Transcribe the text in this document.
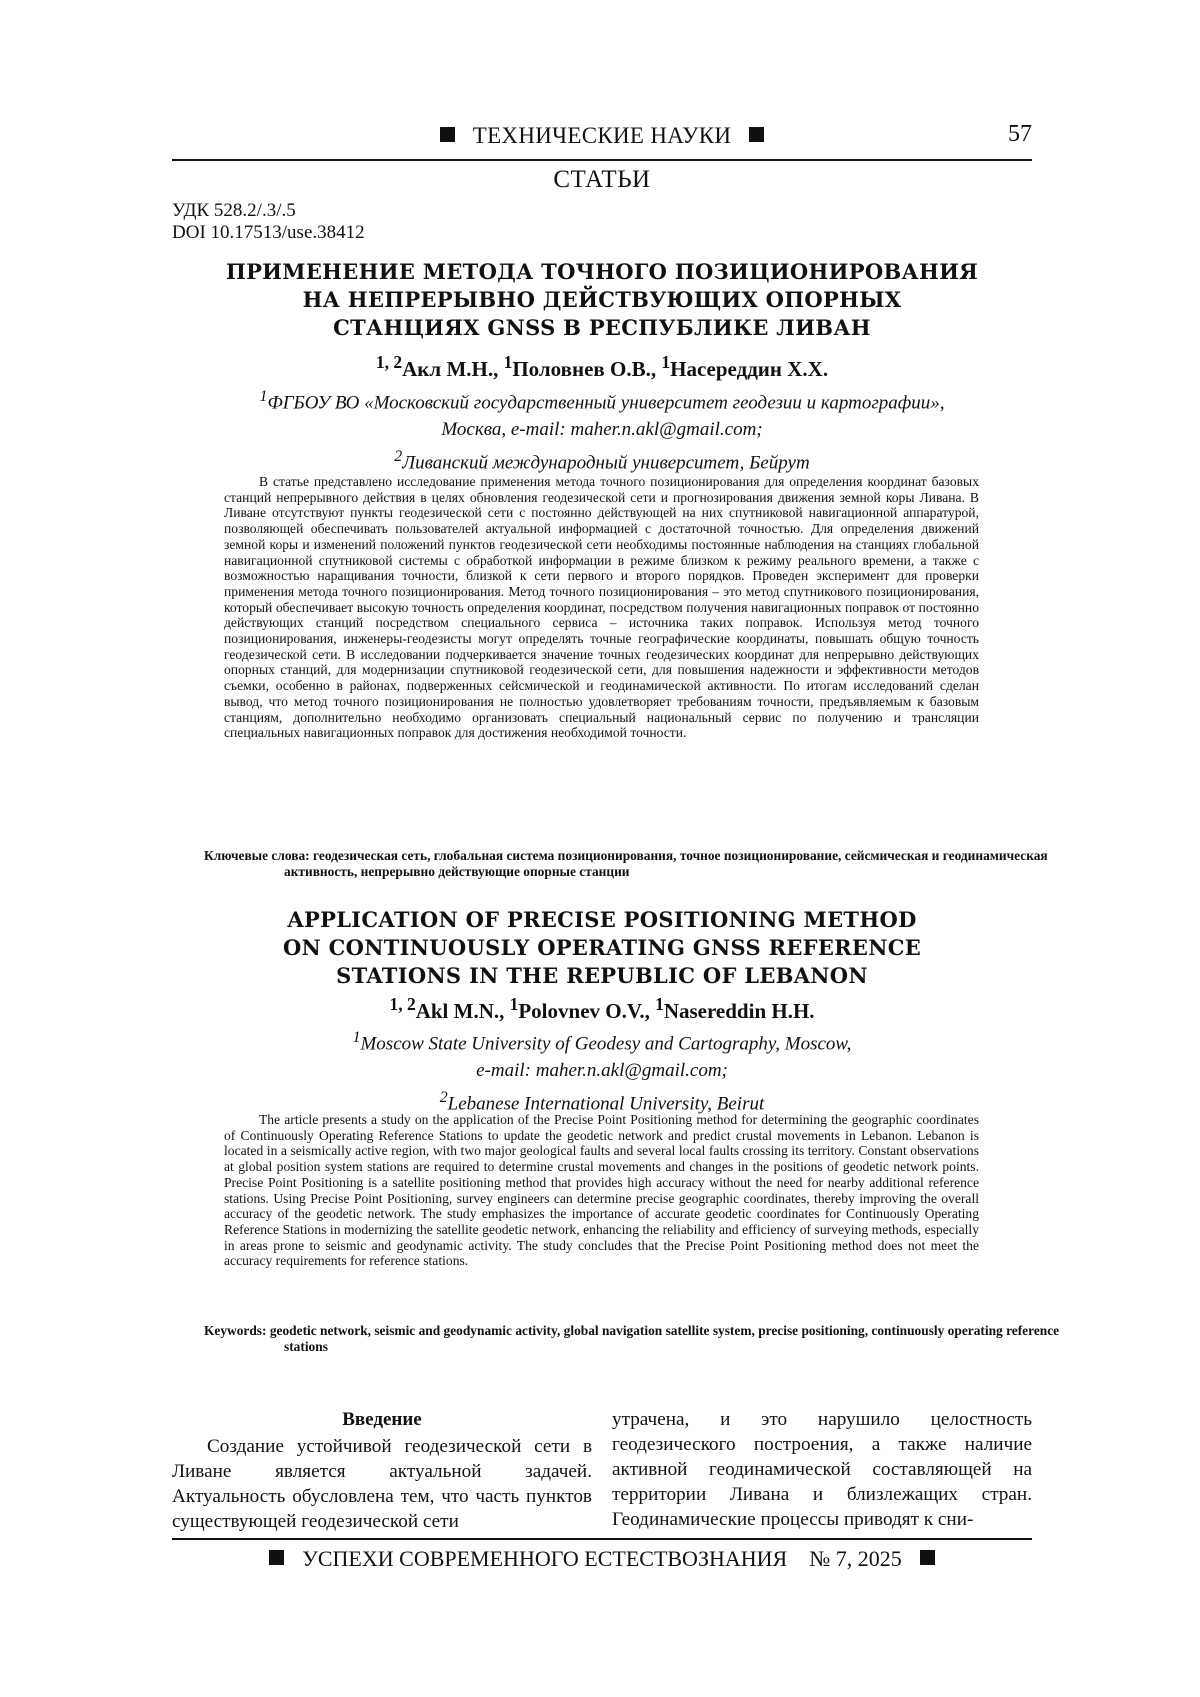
ТЕХНИЧЕСКИЕ НАУКИ	57
СТАТЬИ
УДК 528.2/.3/.5
DOI 10.17513/use.38412
ПРИМЕНЕНИЕ МЕТОДА ТОЧНОГО ПОЗИЦИОНИРОВАНИЯ
НА НЕПРЕРЫВНО ДЕЙСТВУЮЩИХ ОПОРНЫХ
СТАНЦИЯХ GNSS В РЕСПУБЛИКЕ ЛИВАН
1, 2Акл М.Н., 1Половнев О.В., 1Насереддин Х.Х.
1ФГБОУ ВО «Московский государственный университет геодезии и картографии»,
Москва, e-mail: maher.n.akl@gmail.com;
2Ливанский международный университет, Бейрут
В статье представлено исследование применения метода точного позиционирования для определения координат базовых станций непрерывного действия в целях обновления геодезической сети и прогнозирования движения земной коры Ливана. В Ливане отсутствуют пункты геодезической сети с постоянно действующей на них спутниковой навигационной аппаратурой, позволяющей обеспечивать пользователей актуальной информацией с достаточной точностью. Для определения движений земной коры и изменений положений пунктов геодезической сети необходимы постоянные наблюдения на станциях глобальной навигационной спутниковой системы с обработкой информации в режиме близком к режиму реального времени, а также с возможностью наращивания точности, близкой к сети первого и второго порядков. Проведен эксперимент для проверки применения метода точного позиционирования. Метод точного позиционирования – это метод спутникового позиционирования, который обеспечивает высокую точность определения координат, посредством получения навигационных поправок от постоянно действующих станций посредством специального сервиса – источника таких поправок. Используя метод точного позиционирования, инженеры-геодезисты могут определять точные географические координаты, повышать общую точность геодезической сети. В исследовании подчеркивается значение точных геодезических координат для непрерывно действующих опорных станций, для модернизации спутниковой геодезической сети, для повышения надежности и эффективности методов съемки, особенно в районах, подверженных сейсмической и геодинамической активности. По итогам исследований сделан вывод, что метод точного позиционирования не полностью удовлетворяет требованиям точности, предъявляемым к базовым станциям, дополнительно необходимо организовать специальный национальный сервис по получению и трансляции специальных навигационных поправок для достижения необходимой точности.
Ключевые слова: геодезическая сеть, глобальная система позиционирования, точное позиционирование, сейсмическая и геодинамическая активность, непрерывно действующие опорные станции
APPLICATION OF PRECISE POSITIONING METHOD
ON CONTINUOUSLY OPERATING GNSS REFERENCE
STATIONS IN THE REPUBLIC OF LEBANON
1, 2Akl M.N., 1Polovnev O.V., 1Nasereddin H.H.
1Moscow State University of Geodesy and Cartography, Moscow,
e-mail: maher.n.akl@gmail.com;
2Lebanese International University, Beirut
The article presents a study on the application of the Precise Point Positioning method for determining the geographic coordinates of Continuously Operating Reference Stations to update the geodetic network and predict crustal movements in Lebanon. Lebanon is located in a seismically active region, with two major geological faults and several local faults crossing its territory. Constant observations at global position system stations are required to determine crustal movements and changes in the positions of geodetic network points. Precise Point Positioning is a satellite positioning method that provides high accuracy without the need for nearby additional reference stations. Using Precise Point Positioning, survey engineers can determine precise geographic coordinates, thereby improving the overall accuracy of the geodetic network. The study emphasizes the importance of accurate geodetic coordinates for Continuously Operating Reference Stations in modernizing the satellite geodetic network, enhancing the reliability and efficiency of surveying methods, especially in areas prone to seismic and geodynamic activity. The study concludes that the Precise Point Positioning method does not meet the accuracy requirements for reference stations.
Keywords: geodetic network, seismic and geodynamic activity, global navigation satellite system, precise positioning, continuously operating reference stations
Введение
Создание устойчивой геодезической сети в Ливане является актуальной задачей. Актуальность обусловлена тем, что часть пунктов существующей геодезической сети
утрачена, и это нарушило целостность геодезического построения, а также наличие активной геодинамической составляющей на территории Ливана и близлежащих стран. Геодинамические процессы приводят к сни-
УСПЕХИ СОВРЕМЕННОГО ЕСТЕСТВОЗНАНИЯ № 7, 2025
